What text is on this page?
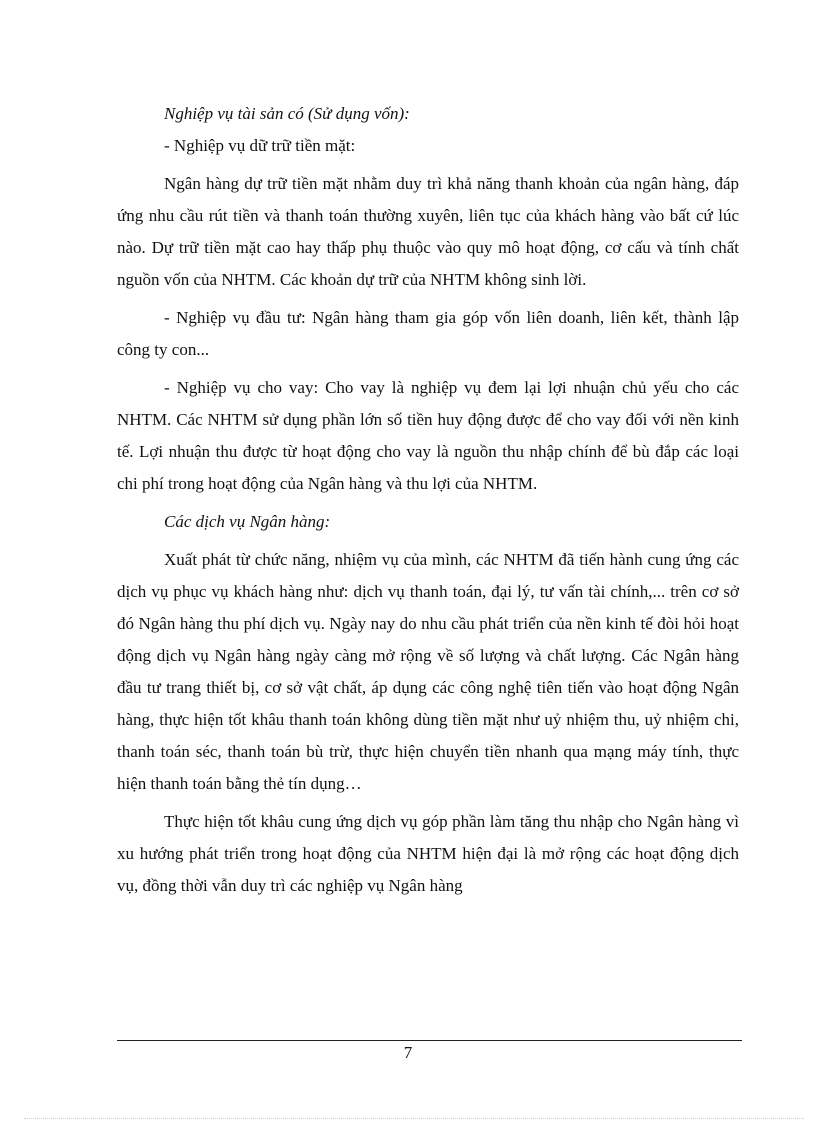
Nghiệp vụ tài sản có (Sử dụng vốn):

- Nghiệp vụ dữ trữ tiền mặt:

Ngân hàng dự trữ tiền mặt nhằm duy trì khả năng thanh khoản của ngân hàng, đáp ứng nhu cầu rút tiền và thanh toán thường xuyên, liên tục của khách hàng vào bất cứ lúc nào. Dự trữ tiền mặt cao hay thấp phụ thuộc vào quy mô hoạt động, cơ cấu và tính chất nguồn vốn của NHTM. Các khoản dự trữ của NHTM không sinh lời.

- Nghiệp vụ đầu tư: Ngân hàng tham gia góp vốn liên doanh, liên kết, thành lập công ty con...

- Nghiệp vụ cho vay: Cho vay là nghiệp vụ đem lại lợi nhuận chủ yếu cho các NHTM. Các NHTM sử dụng phần lớn số tiền huy động được để cho vay đối với nền kinh tế. Lợi nhuận thu được từ hoạt động cho vay là nguồn thu nhập chính để bù đắp các loại chi phí trong hoạt động của Ngân hàng và thu lợi của NHTM.

Các dịch vụ Ngân hàng:

Xuất phát từ chức năng, nhiệm vụ của mình, các NHTM đã tiến hành cung ứng các dịch vụ phục vụ khách hàng như: dịch vụ thanh toán, đại lý, tư vấn tài chính,... trên cơ sở đó Ngân hàng thu phí dịch vụ. Ngày nay do nhu cầu phát triển của nền kinh tế đòi hỏi hoạt động dịch vụ Ngân hàng ngày càng mở rộng về số lượng và chất lượng. Các Ngân hàng đầu tư trang thiết bị, cơ sở vật chất, áp dụng các công nghệ tiên tiến vào hoạt động Ngân hàng, thực hiện tốt khâu thanh toán không dùng tiền mặt như uỷ nhiệm thu, uỷ nhiệm chi, thanh toán séc, thanh toán bù trừ, thực hiện chuyển tiền nhanh qua mạng máy tính, thực hiện thanh toán bằng thẻ tín dụng…

Thực hiện tốt khâu cung ứng dịch vụ góp phần làm tăng thu nhập cho Ngân hàng vì xu hướng phát triển trong hoạt động của NHTM hiện đại là mở rộng các hoạt động dịch vụ, đồng thời vẫn duy trì các nghiệp vụ Ngân hàng

7
